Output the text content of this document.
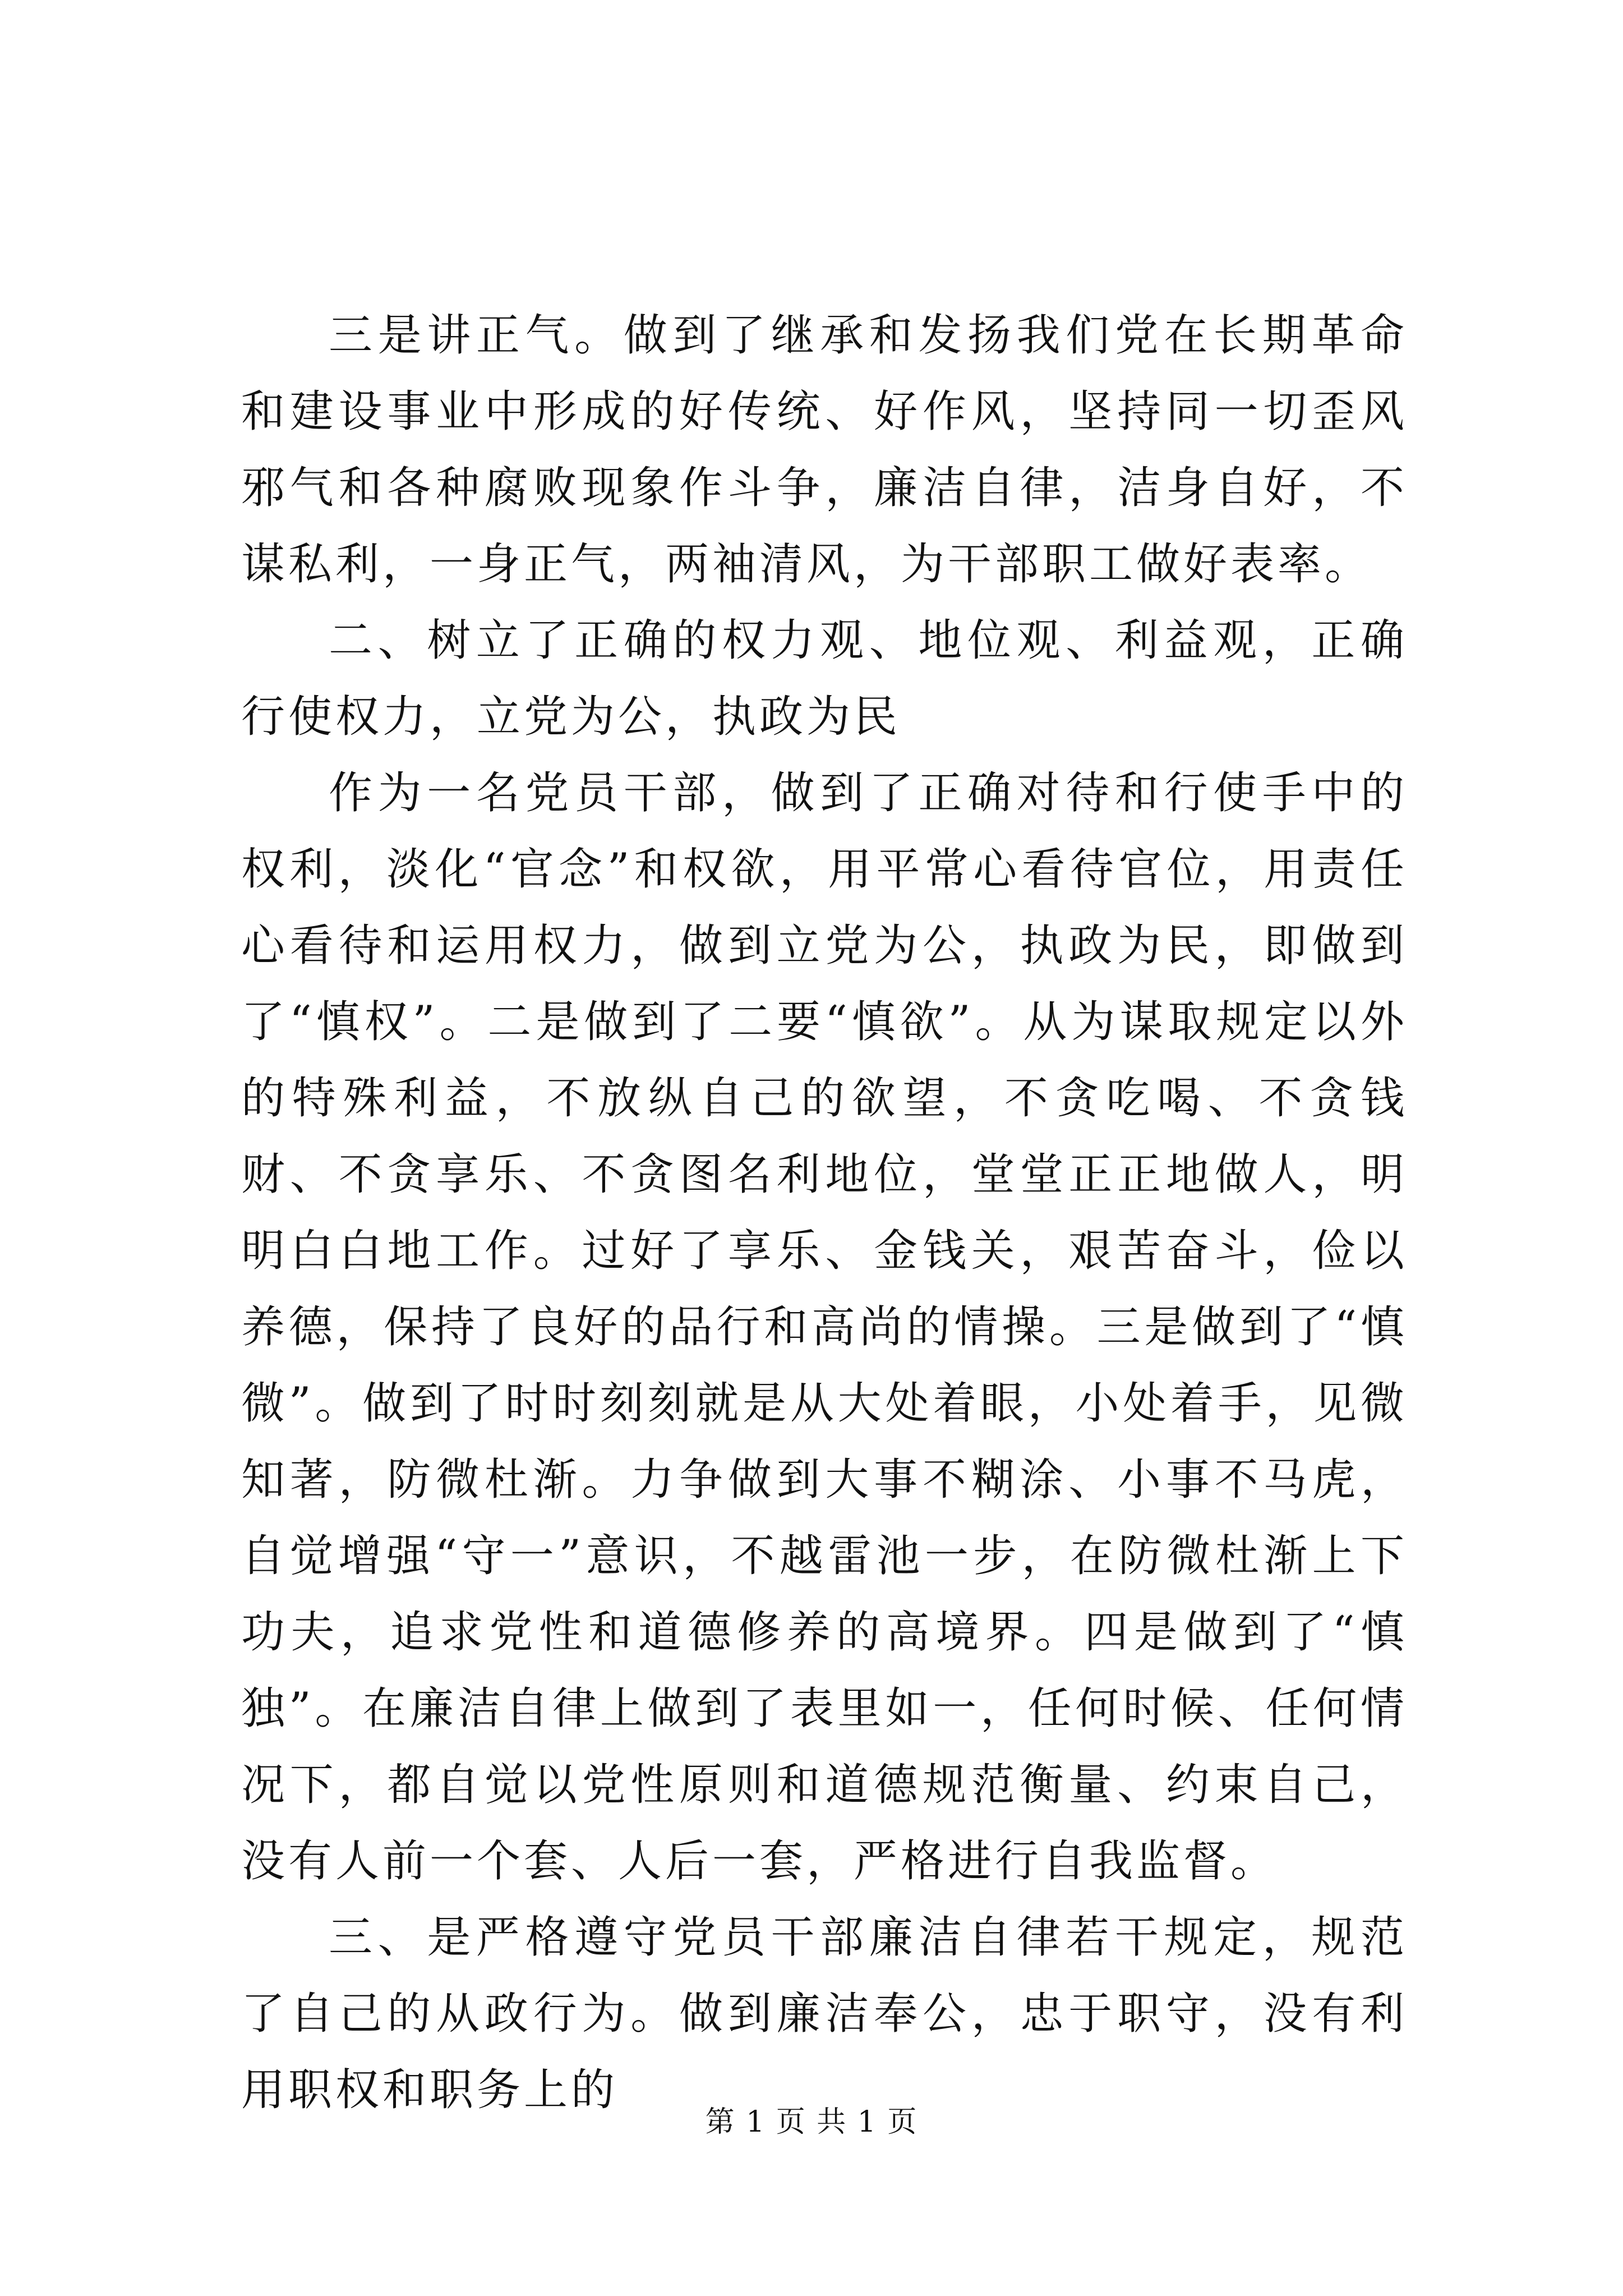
三是讲正气。做到了继承和发扬我们党在长期革命和建设事业中形成的好传统、好作风，坚持同一切歪风邪气和各种腐败现象作斗争，廉洁自律，洁身自好，不谋私利，一身正气，两袖清风，为干部职工做好表率。

二、树立了正确的权力观、地位观、利益观，正确行使权力，立党为公，执政为民

作为一名党员干部，做到了正确对待和行使手中的权利，淡化“官念”和权欲，用平常心看待官位，用责任心看待和运用权力，做到立党为公，执政为民，即做到了“慎权”。二是做到了二要“慎欲”。从为谋取规定以外的特殊利益，不放纵自己的欲望，不贪吃喝、不贪钱财、不贪享乐、不贪图名利地位，堂堂正正地做人，明明白白地工作。过好了享乐、金钱关，艰苦奋斗，俭以养德，保持了良好的品行和高尚的情操。三是做到了“慎微”。做到了时时刻刻就是从大处着眼，小处着手，见微知著，防微杜渐。力争做到大事不糊涂、小事不马虎，自觉增强“守一”意识，不越雷池一步，在防微杜渐上下功夫，追求党性和道德修养的高境界。四是做到了“慎独”。在廉洁自律上做到了表里如一，任何时候、任何情况下，都自觉以党性原则和道德规范衡量、约束自己，没有人前一个套、人后一套，严格进行自我监督。

三、是严格遵守党员干部廉洁自律若干规定，规范了自己的从政行为。做到廉洁奉公，忠于职守，没有利用职权和职务上的

第 1 页 共 1 页
